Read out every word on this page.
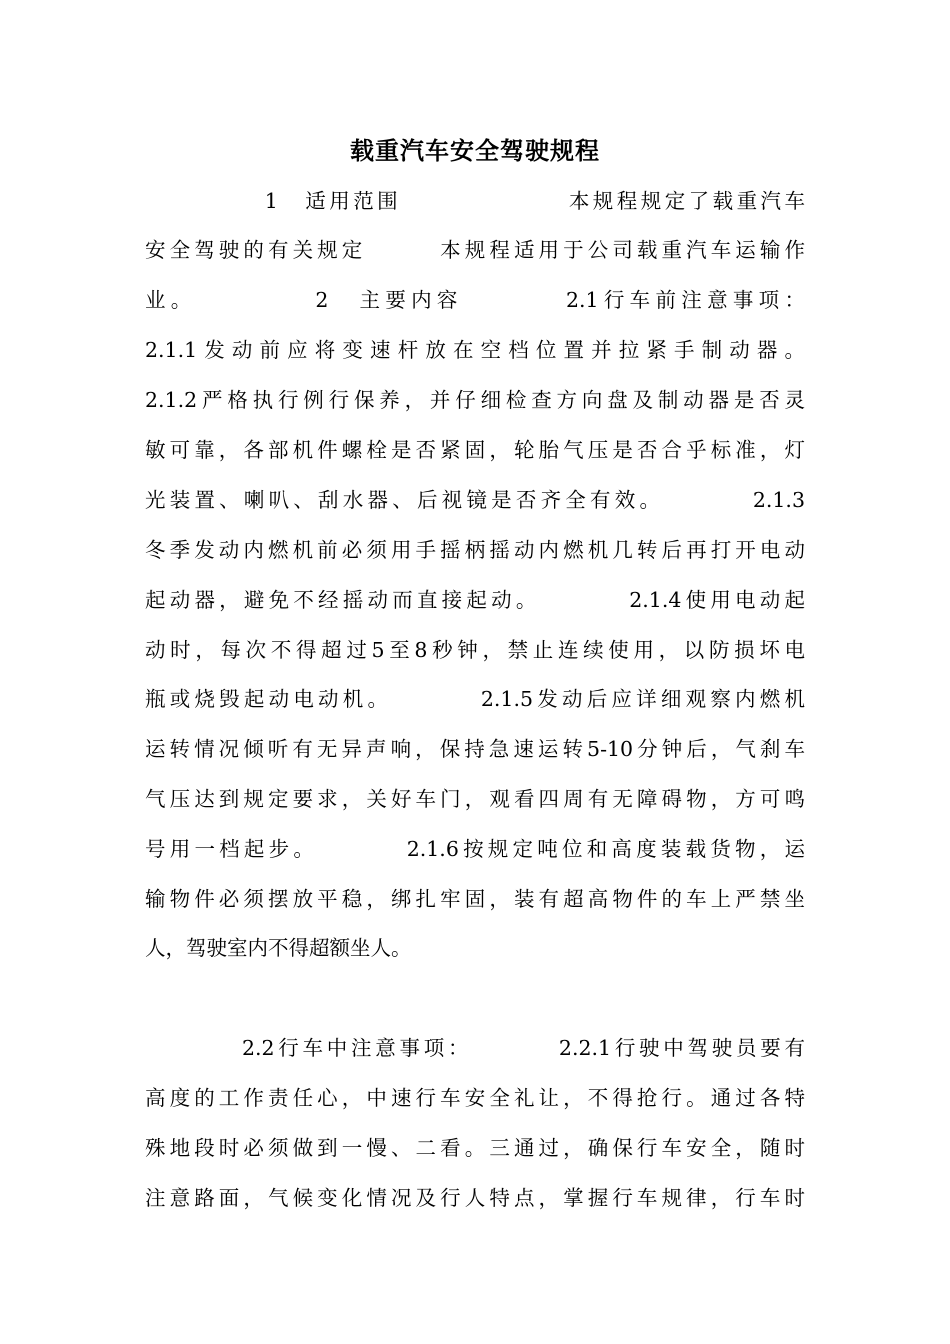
载重汽车安全驾驶规程
　　　　　1　适用范围　　　　　　　本规程规定了载重汽车
安全驾驶的有关规定　　　本规程适用于公司载重汽车运输作
业。　　　　　2　主要内容　　　　2.1行车前注意事项：
2.1.1发动前应将变速杆放在空档位置并拉紧手制动器。
2.1.2严格执行例行保养，并仔细检查方向盘及制动器是否灵
敏可靠，各部机件螺栓是否紧固，轮胎气压是否合乎标准，灯
光装置、喇叭、刮水器、后视镜是否齐全有效。　　　　2.1.3
冬季发动内燃机前必须用手摇柄摇动内燃机几转后再打开电动
起动器，避免不经摇动而直接起动。　　　　2.1.4使用电动起
动时，每次不得超过5至8秒钟，禁止连续使用，以防损坏电
瓶或烧毁起动电动机。　　　　2.1.5发动后应详细观察内燃机
运转情况倾听有无异声响，保持急速运转5-10分钟后，气刹车
气压达到规定要求，关好车门，观看四周有无障碍物，方可鸣
号用一档起步。　　　　2.1.6按规定吨位和高度装载货物，运
输物件必须摆放平稳，绑扎牢固，装有超高物件的车上严禁坐
人，驾驶室内不得超额坐人。
　　　　2.2行车中注意事项：　　　　2.2.1行驶中驾驶员要有
高度的工作责任心，中速行车安全礼让，不得抢行。通过各特
殊地段时必须做到一慢、二看。三通过，确保行车安全，随时
注意路面，气候变化情况及行人特点，掌握行车规律，行车时
